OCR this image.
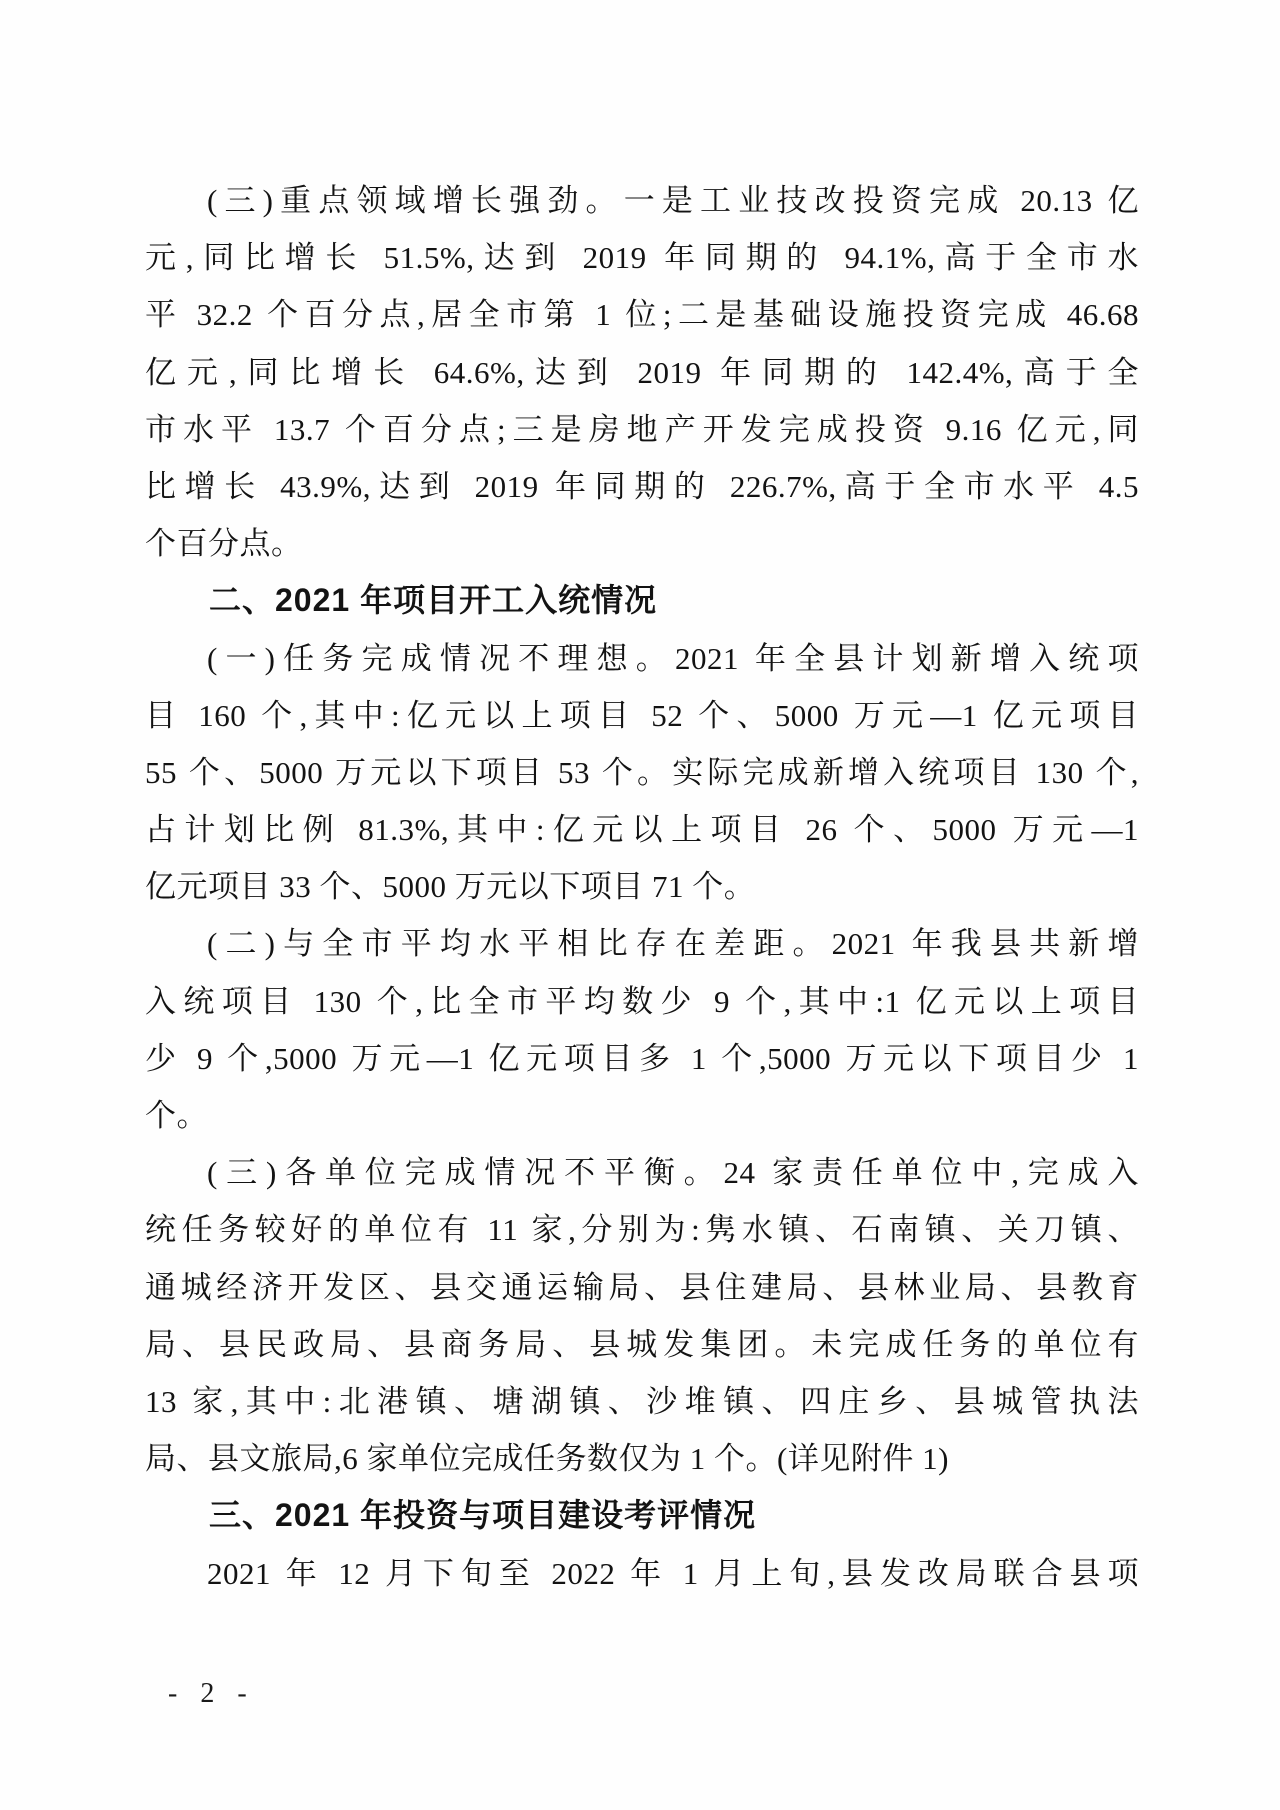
(三)重点领域增长强劲。一是工业技改投资完成 20.13 亿
元,同比增长 51.5%,达到 2019 年同期的 94.1%,高于全市水
平 32.2 个百分点,居全市第 1 位;二是基础设施投资完成 46.68
亿元,同比增长 64.6%,达到 2019 年同期的 142.4%,高于全
市水平 13.7 个百分点;三是房地产开发完成投资 9.16 亿元,同
比增长 43.9%,达到 2019 年同期的 226.7%,高于全市水平 4.5
个百分点。
二、2021 年项目开工入统情况
(一)任务完成情况不理想。2021 年全县计划新增入统项
目 160 个,其中:亿元以上项目 52 个、5000 万元—1 亿元项目
55 个、5000 万元以下项目 53 个。实际完成新增入统项目 130 个,
占计划比例 81.3%,其中:亿元以上项目 26 个、5000 万元—1
亿元项目 33 个、5000 万元以下项目 71 个。
(二)与全市平均水平相比存在差距。2021 年我县共新增
入统项目 130 个,比全市平均数少 9 个,其中:1 亿元以上项目
少 9 个,5000 万元—1 亿元项目多 1 个,5000 万元以下项目少 1
个。
(三)各单位完成情况不平衡。24 家责任单位中,完成入
统任务较好的单位有 11 家,分别为:隽水镇、石南镇、关刀镇、
通城经济开发区、县交通运输局、县住建局、县林业局、县教育
局、县民政局、县商务局、县城发集团。未完成任务的单位有
13 家,其中:北港镇、塘湖镇、沙堆镇、四庄乡、县城管执法
局、县文旅局,6 家单位完成任务数仅为 1 个。(详见附件 1)
三、2021 年投资与项目建设考评情况
2021 年 12 月下旬至 2022 年 1 月上旬,县发改局联合县项
- 2 -
